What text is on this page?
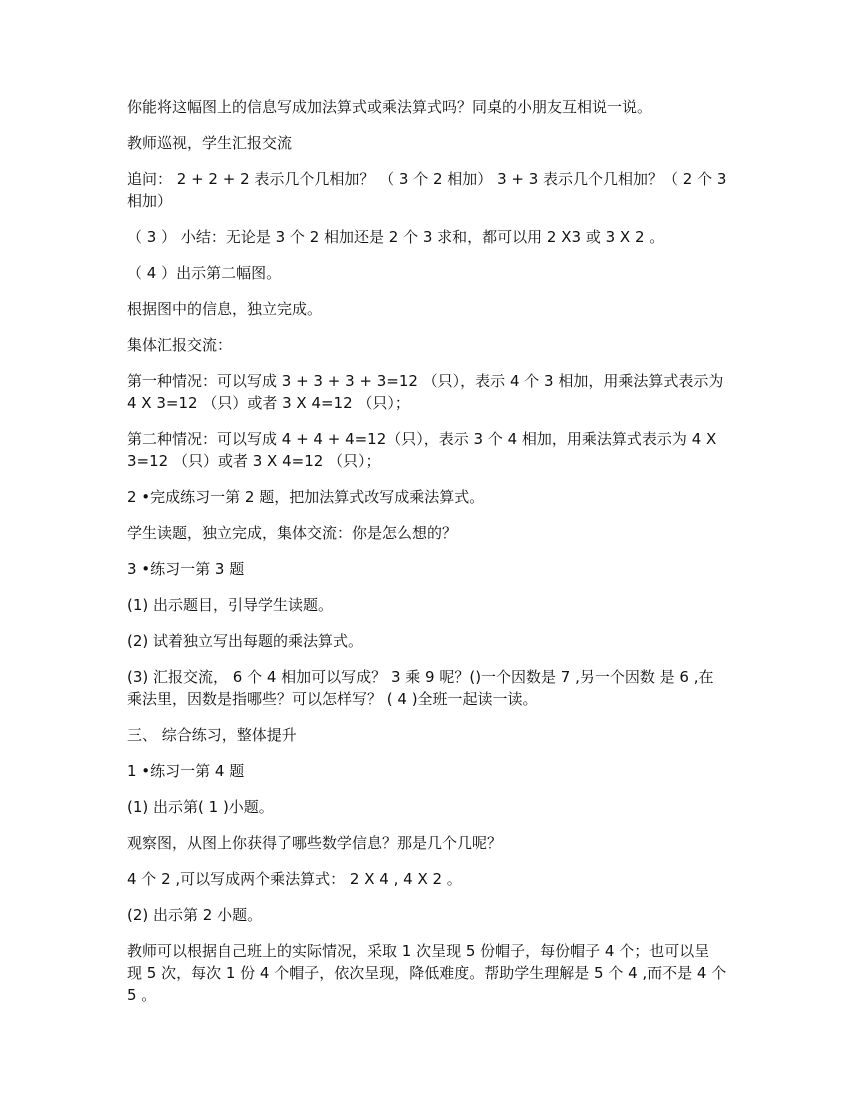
你能将这幅图上的信息写成加法算式或乘法算式吗？同桌的小朋友互相说一说。

教师巡视，学生汇报交流

追问： 2 + 2 + 2 表示几个几相加？ （ 3 个 2 相加） 3 + 3 表示几个几相加？（ 2 个 3 相加）

（ 3 ） 小结：无论是 3 个 2 相加还是 2 个 3 求和，都可以用 2 X3 或 3 X 2 。

（ 4 ）出示第二幅图。

根据图中的信息，独立完成。

集体汇报交流：

第一种情况：可以写成 3 + 3 + 3 + 3=12 （只），表示 4 个 3 相加，用乘法算式表示为 4 X 3=12 （只）或者 3 X 4=12 （只）；

第二种情况：可以写成 4 + 4 + 4=12（只），表示 3 个 4 相加，用乘法算式表示为 4 X 3=12 （只）或者 3 X 4=12 （只）；

2 •完成练习一第 2 题，把加法算式改写成乘法算式。

学生读题，独立完成，集体交流：你是怎么想的？

3 •练习一第 3 题

(1) 出示题目，引导学生读题。

(2) 试着独立写出每题的乘法算式。

(3) 汇报交流， 6 个 4 相加可以写成？ 3 乘 9 呢？()一个因数是 7 ,另一个因数 是 6 ,在乘法里，因数是指哪些？可以怎样写？ ( 4 )全班一起读一读。

三、 综合练习，整体提升

1 •练习一第 4 题

(1) 出示第( 1 )小题。

观察图，从图上你获得了哪些数学信息？那是几个几呢？

4 个 2 ,可以写成两个乘法算式： 2 X 4 , 4 X 2 。

(2) 出示第 2 小题。

教师可以根据自己班上的实际情况，采取 1 次呈现 5 份帽子，每份帽子 4 个；也可以呈 现 5 次，每次 1 份 4 个帽子，依次呈现，降低难度。帮助学生理解是 5 个 4 ,而不是 4 个 5 。
